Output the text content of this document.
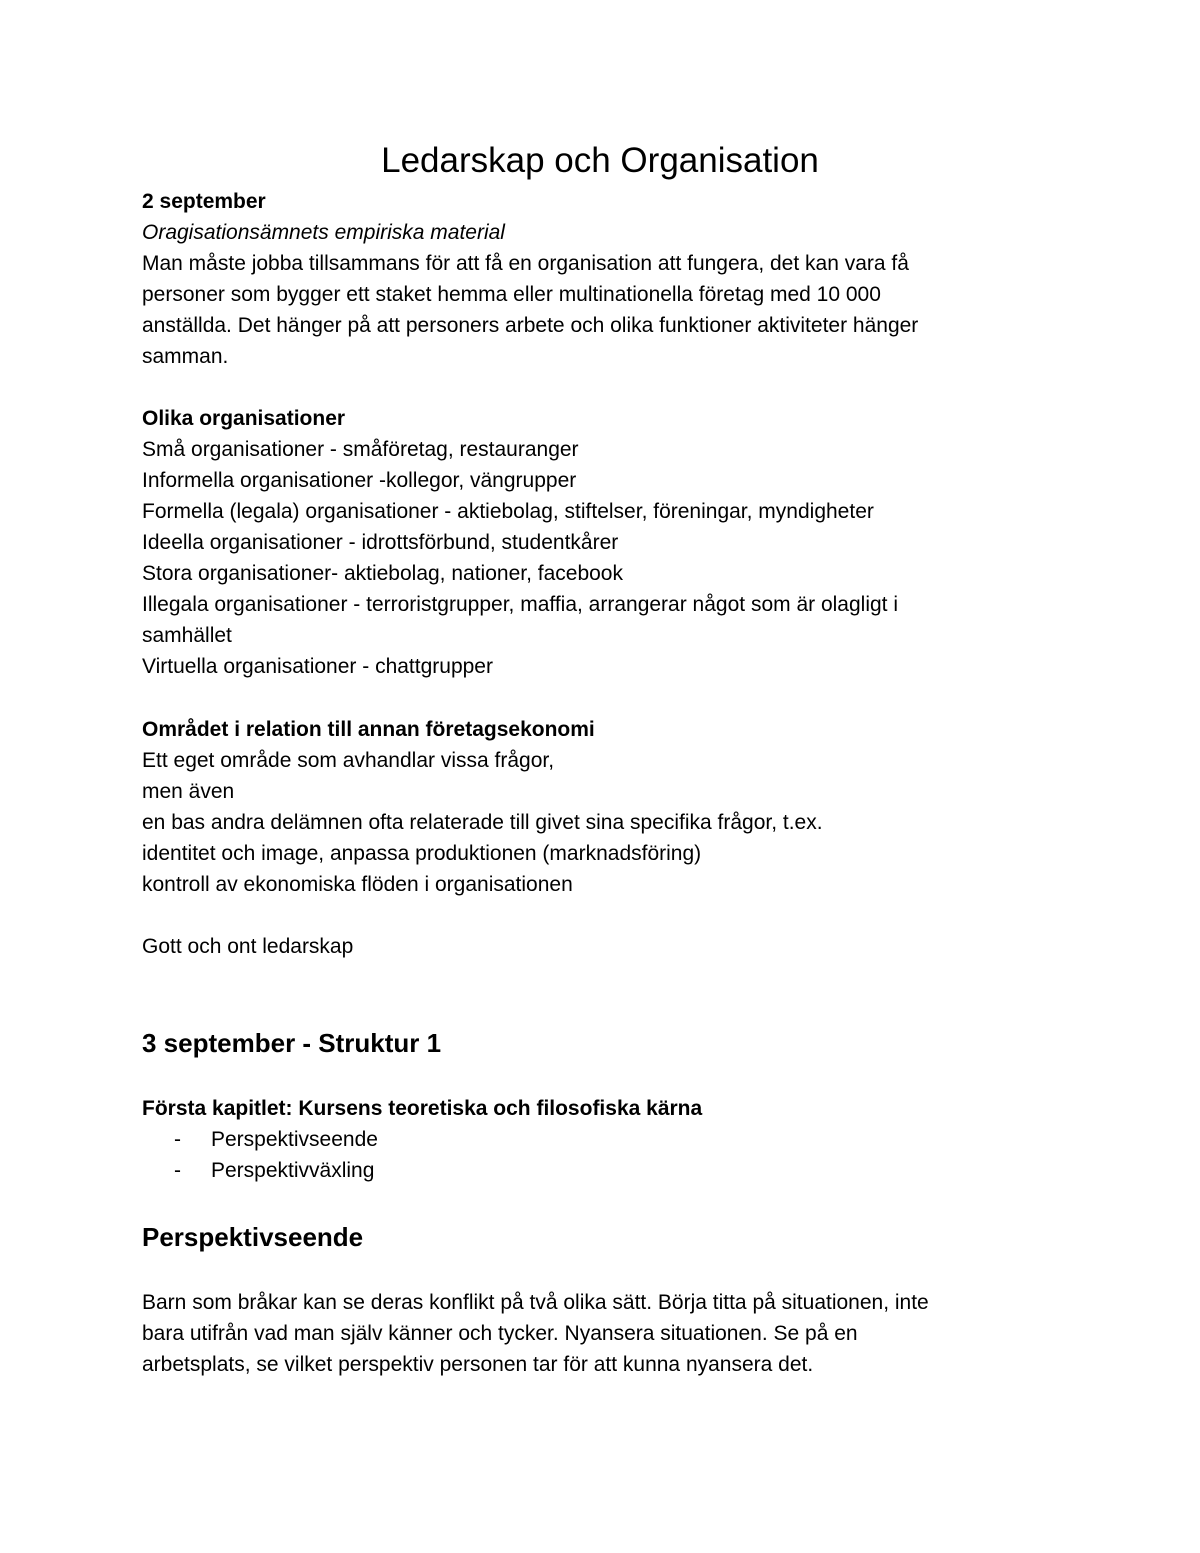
Ledarskap och Organisation

2 september

Oragisationsämnets empiriska material

Man måste jobba tillsammans för att få en organisation att fungera, det kan vara få

personer som bygger ett staket hemma eller multinationella företag med 10 000

anställda. Det hänger på att personers arbete och olika funktioner aktiviteter hänger

samman.

Olika organisationer

Små organisationer - småföretag, restauranger

Informella organisationer -kollegor, vängrupper

Formella (legala) organisationer - aktiebolag, stiftelser, föreningar, myndigheter

Ideella organisationer - idrottsförbund, studentkårer

Stora organisationer- aktiebolag, nationer, facebook

Illegala organisationer - terroristgrupper, maffia, arrangerar något som är olagligt i

samhället

Virtuella organisationer - chattgrupper

Området i relation till annan företagsekonomi

Ett eget område som avhandlar vissa frågor,

men även

en bas andra delämnen ofta relaterade till givet sina specifika frågor, t.ex.

identitet och image, anpassa produktionen (marknadsföring)

kontroll av ekonomiska flöden i organisationen

Gott och ont ledarskap

3 september - Struktur 1

Första kapitlet: Kursens teoretiska och filosofiska kärna

- Perspektivseende
- Perspektivväxling
Perspektivseende

Barn som bråkar kan se deras konflikt på två olika sätt. Börja titta på situationen, inte

bara utifrån vad man själv känner och tycker. Nyansera situationen. Se på en

arbetsplats, se vilket perspektiv personen tar för att kunna nyansera det.
